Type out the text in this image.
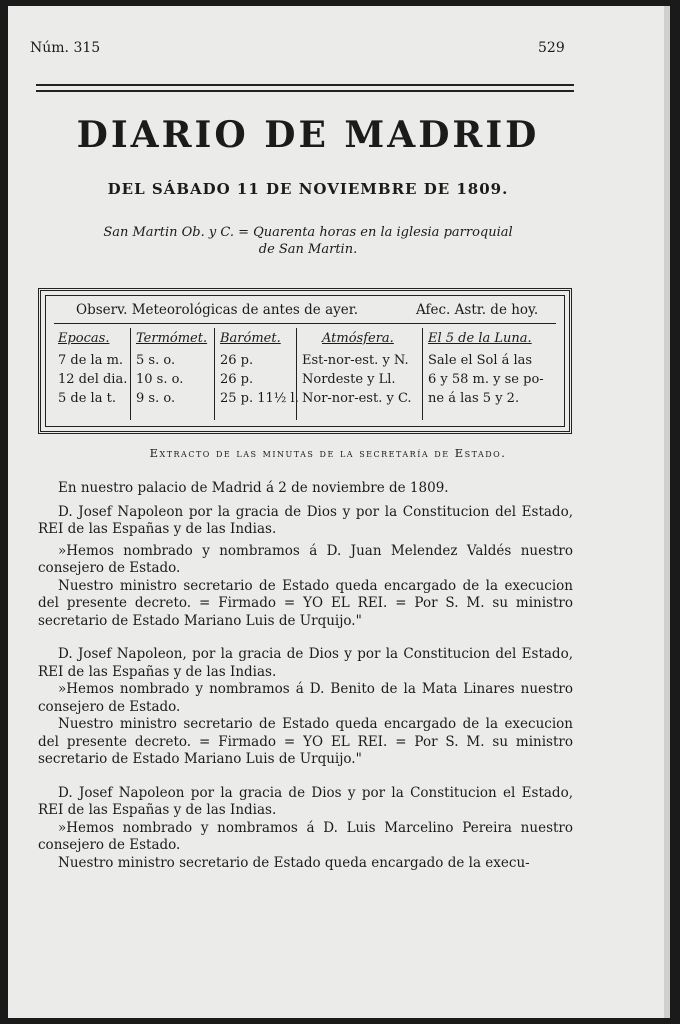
Núm. 315	529
DIARIO DE MADRID
DEL SÁBADO 11 DE NOVIEMBRE DE 1809.
San Martin Ob. y C. = Quarenta horas en la iglesia parroquial
de San Martin.
Observ. Meteorológicas de antes de ayer.	Afec. Astr. de hoy.
Epocas.
7 de la m.
12 del dia.
5 de la t.
Termómet.
5 s. o.
10 s. o.
9 s. o.
Barómet.
26 p.
26 p.
25 p. 11½ l.
Atmósfera.
Est-nor-est. y N.
Nordeste y Ll.
Nor-nor-est. y C.
El 5 de la Luna.
Sale el Sol á las
6 y 58 m. y se po-
ne á las 5 y 2.
Extracto de las minutas de la secretaría de Estado.

En nuestro palacio de Madrid á 2 de noviembre de 1809.

D. Josef Napoleon por la gracia de Dios y por la Constitucion del Estado, REI de las Españas y de las Indias.

»Hemos nombrado y nombramos á D. Juan Melendez Valdés nuestro consejero de Estado.

Nuestro ministro secretario de Estado queda encargado de la execucion del presente decreto. = Firmado = YO EL REI. = Por S. M. su ministro secretario de Estado Mariano Luis de Urquijo."

D. Josef Napoleon, por la gracia de Dios y por la Constitucion del Estado, REI de las Españas y de las Indias.

»Hemos nombrado y nombramos á D. Benito de la Mata Linares nuestro consejero de Estado.

Nuestro ministro secretario de Estado queda encargado de la execucion del presente decreto. = Firmado = YO EL REI. = Por S. M. su ministro secretario de Estado Mariano Luis de Urquijo."

D. Josef Napoleon por la gracia de Dios y por la Constitucion el Estado, REI de las Españas y de las Indias.

»Hemos nombrado y nombramos á D. Luis Marcelino Pereira nuestro consejero de Estado.

Nuestro ministro secretario de Estado queda encargado de la execu-
